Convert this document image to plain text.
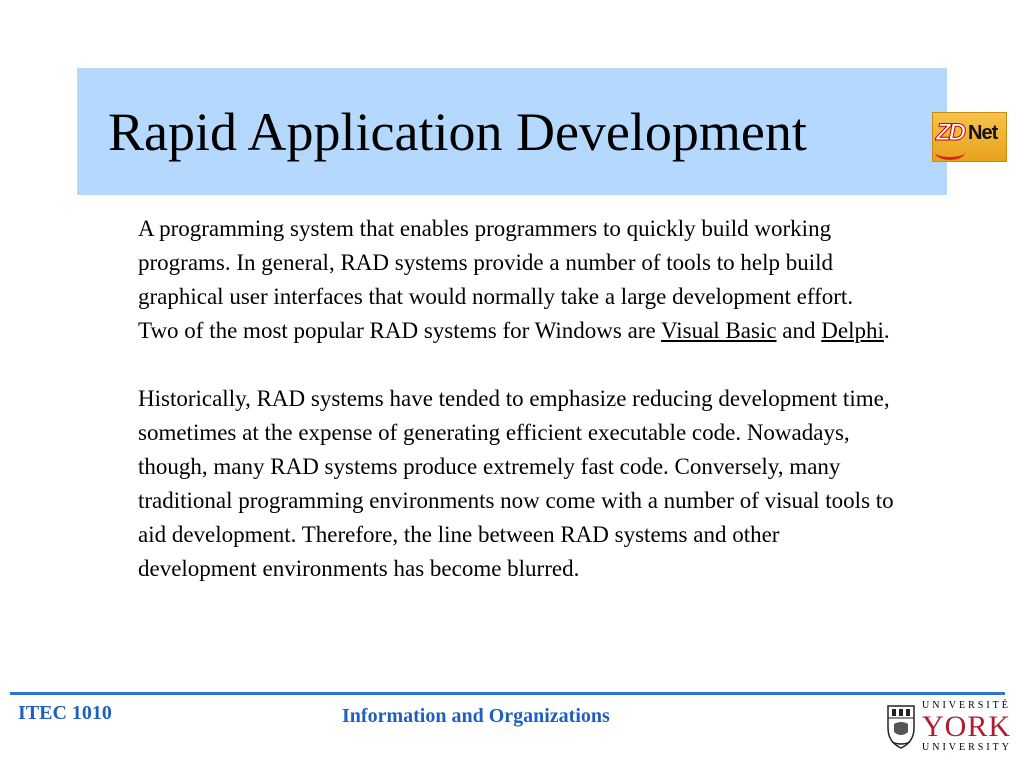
Rapid Application Development	ZD Net

A programming system that enables programmers to quickly build working programs. In general, RAD systems provide a number of tools to help build graphical user interfaces that would normally take a large development effort. Two of the most popular RAD systems for Windows are Visual Basic and Delphi.

Historically, RAD systems have tended to emphasize reducing development time, sometimes at the expense of generating efficient executable code. Nowadays, though, many RAD systems produce extremely fast code. Conversely, many traditional programming environments now come with a number of visual tools to aid development. Therefore, the line between RAD systems and other development environments has become blurred.

ITEC 1010	Information and Organizations	UNIVERSITÉ
YORK
UNIVERSITY
